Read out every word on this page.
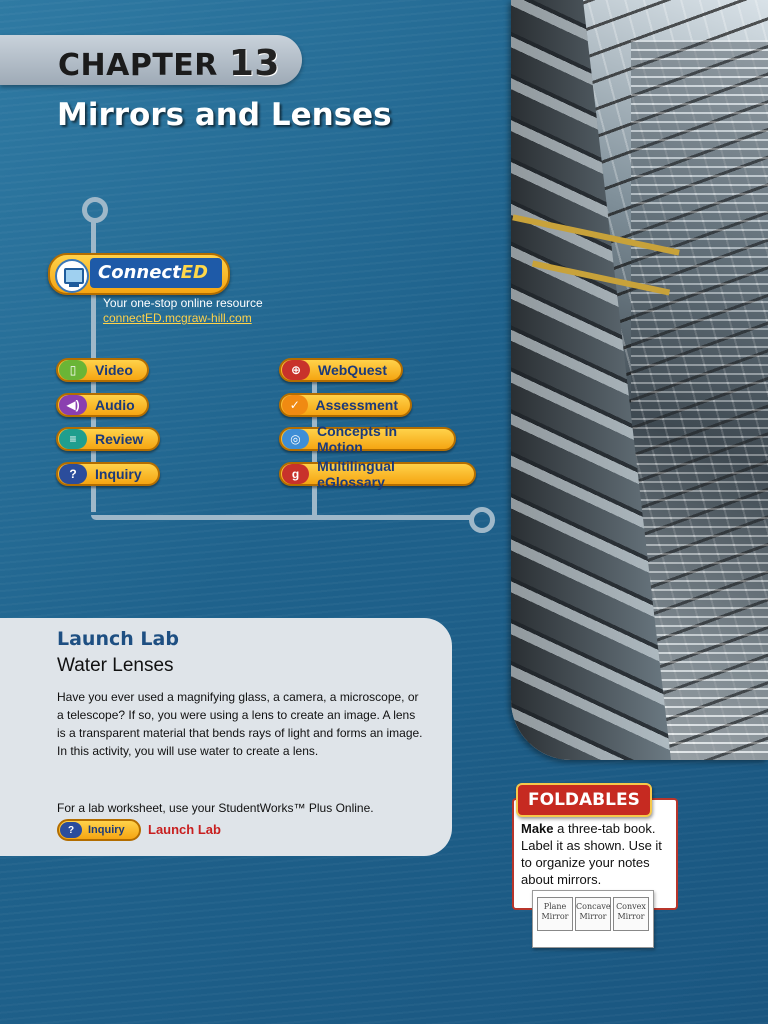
CHAPTER 13
Mirrors and Lenses
ConnectED
Your one-stop online resource
connectED.mcgraw-hill.com
▯	Video
◀)	Audio
≡	Review
?	Inquiry
⊕	WebQuest
✓	Assessment
◎	Concepts in Motion
g	Multilingual eGlossary
Launch Lab
Water Lenses
Have you ever used a magnifying glass, a camera, a microscope, or a telescope? If so, you were using a lens to create an image. A lens is a transparent material that bends rays of light and forms an image. In this activity, you will use water to create a lens.
For a lab worksheet, use your StudentWorks™ Plus Online.
?	Inquiry Launch Lab
FOLDABLES
Make a three-tab book. Label it as shown. Use it to organize your notes about mirrors.
Plane Mirror
Concave Mirror
Convex Mirror
